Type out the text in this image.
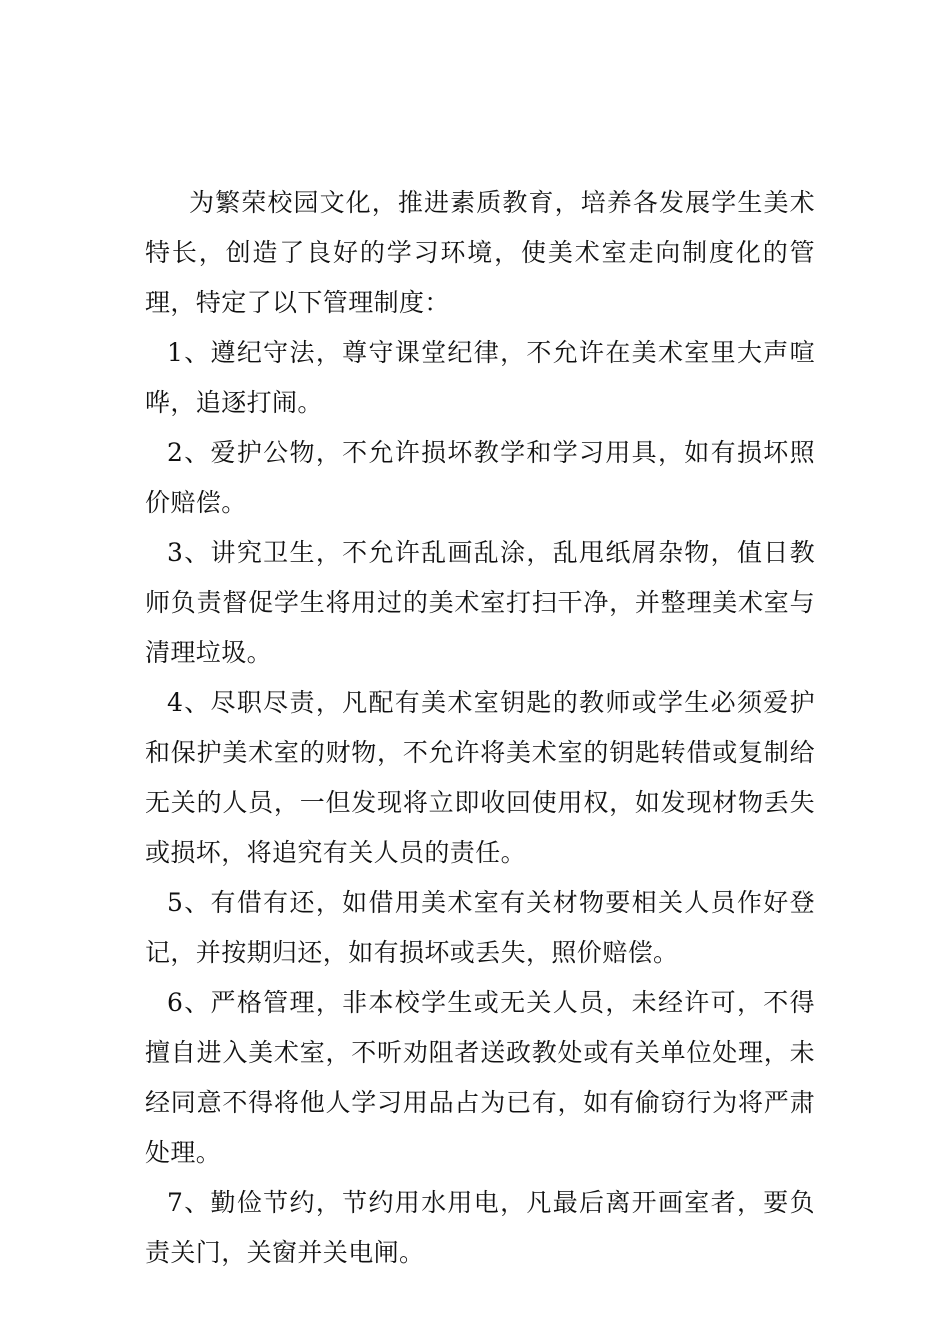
为繁荣校园文化，推进素质教育，培养各发展学生美术特长，创造了良好的学习环境，使美术室走向制度化的管理，特定了以下管理制度：

1、遵纪守法，尊守课堂纪律，不允许在美术室里大声喧哗，追逐打闹。

2、爱护公物，不允许损坏教学和学习用具，如有损坏照价赔偿。

3、讲究卫生，不允许乱画乱涂，乱甩纸屑杂物，值日教师负责督促学生将用过的美术室打扫干净，并整理美术室与清理垃圾。

4、尽职尽责，凡配有美术室钥匙的教师或学生必须爱护和保护美术室的财物，不允许将美术室的钥匙转借或复制给无关的人员，一但发现将立即收回使用权，如发现材物丢失或损坏，将追究有关人员的责任。

5、有借有还，如借用美术室有关材物要相关人员作好登记，并按期归还，如有损坏或丢失，照价赔偿。

6、严格管理，非本校学生或无关人员，未经许可，不得擅自进入美术室，不听劝阻者送政教处或有关单位处理，未经同意不得将他人学习用品占为已有，如有偷窃行为将严肃处理。

7、勤俭节约，节约用水用电，凡最后离开画室者，要负责关门，关窗并关电闸。
